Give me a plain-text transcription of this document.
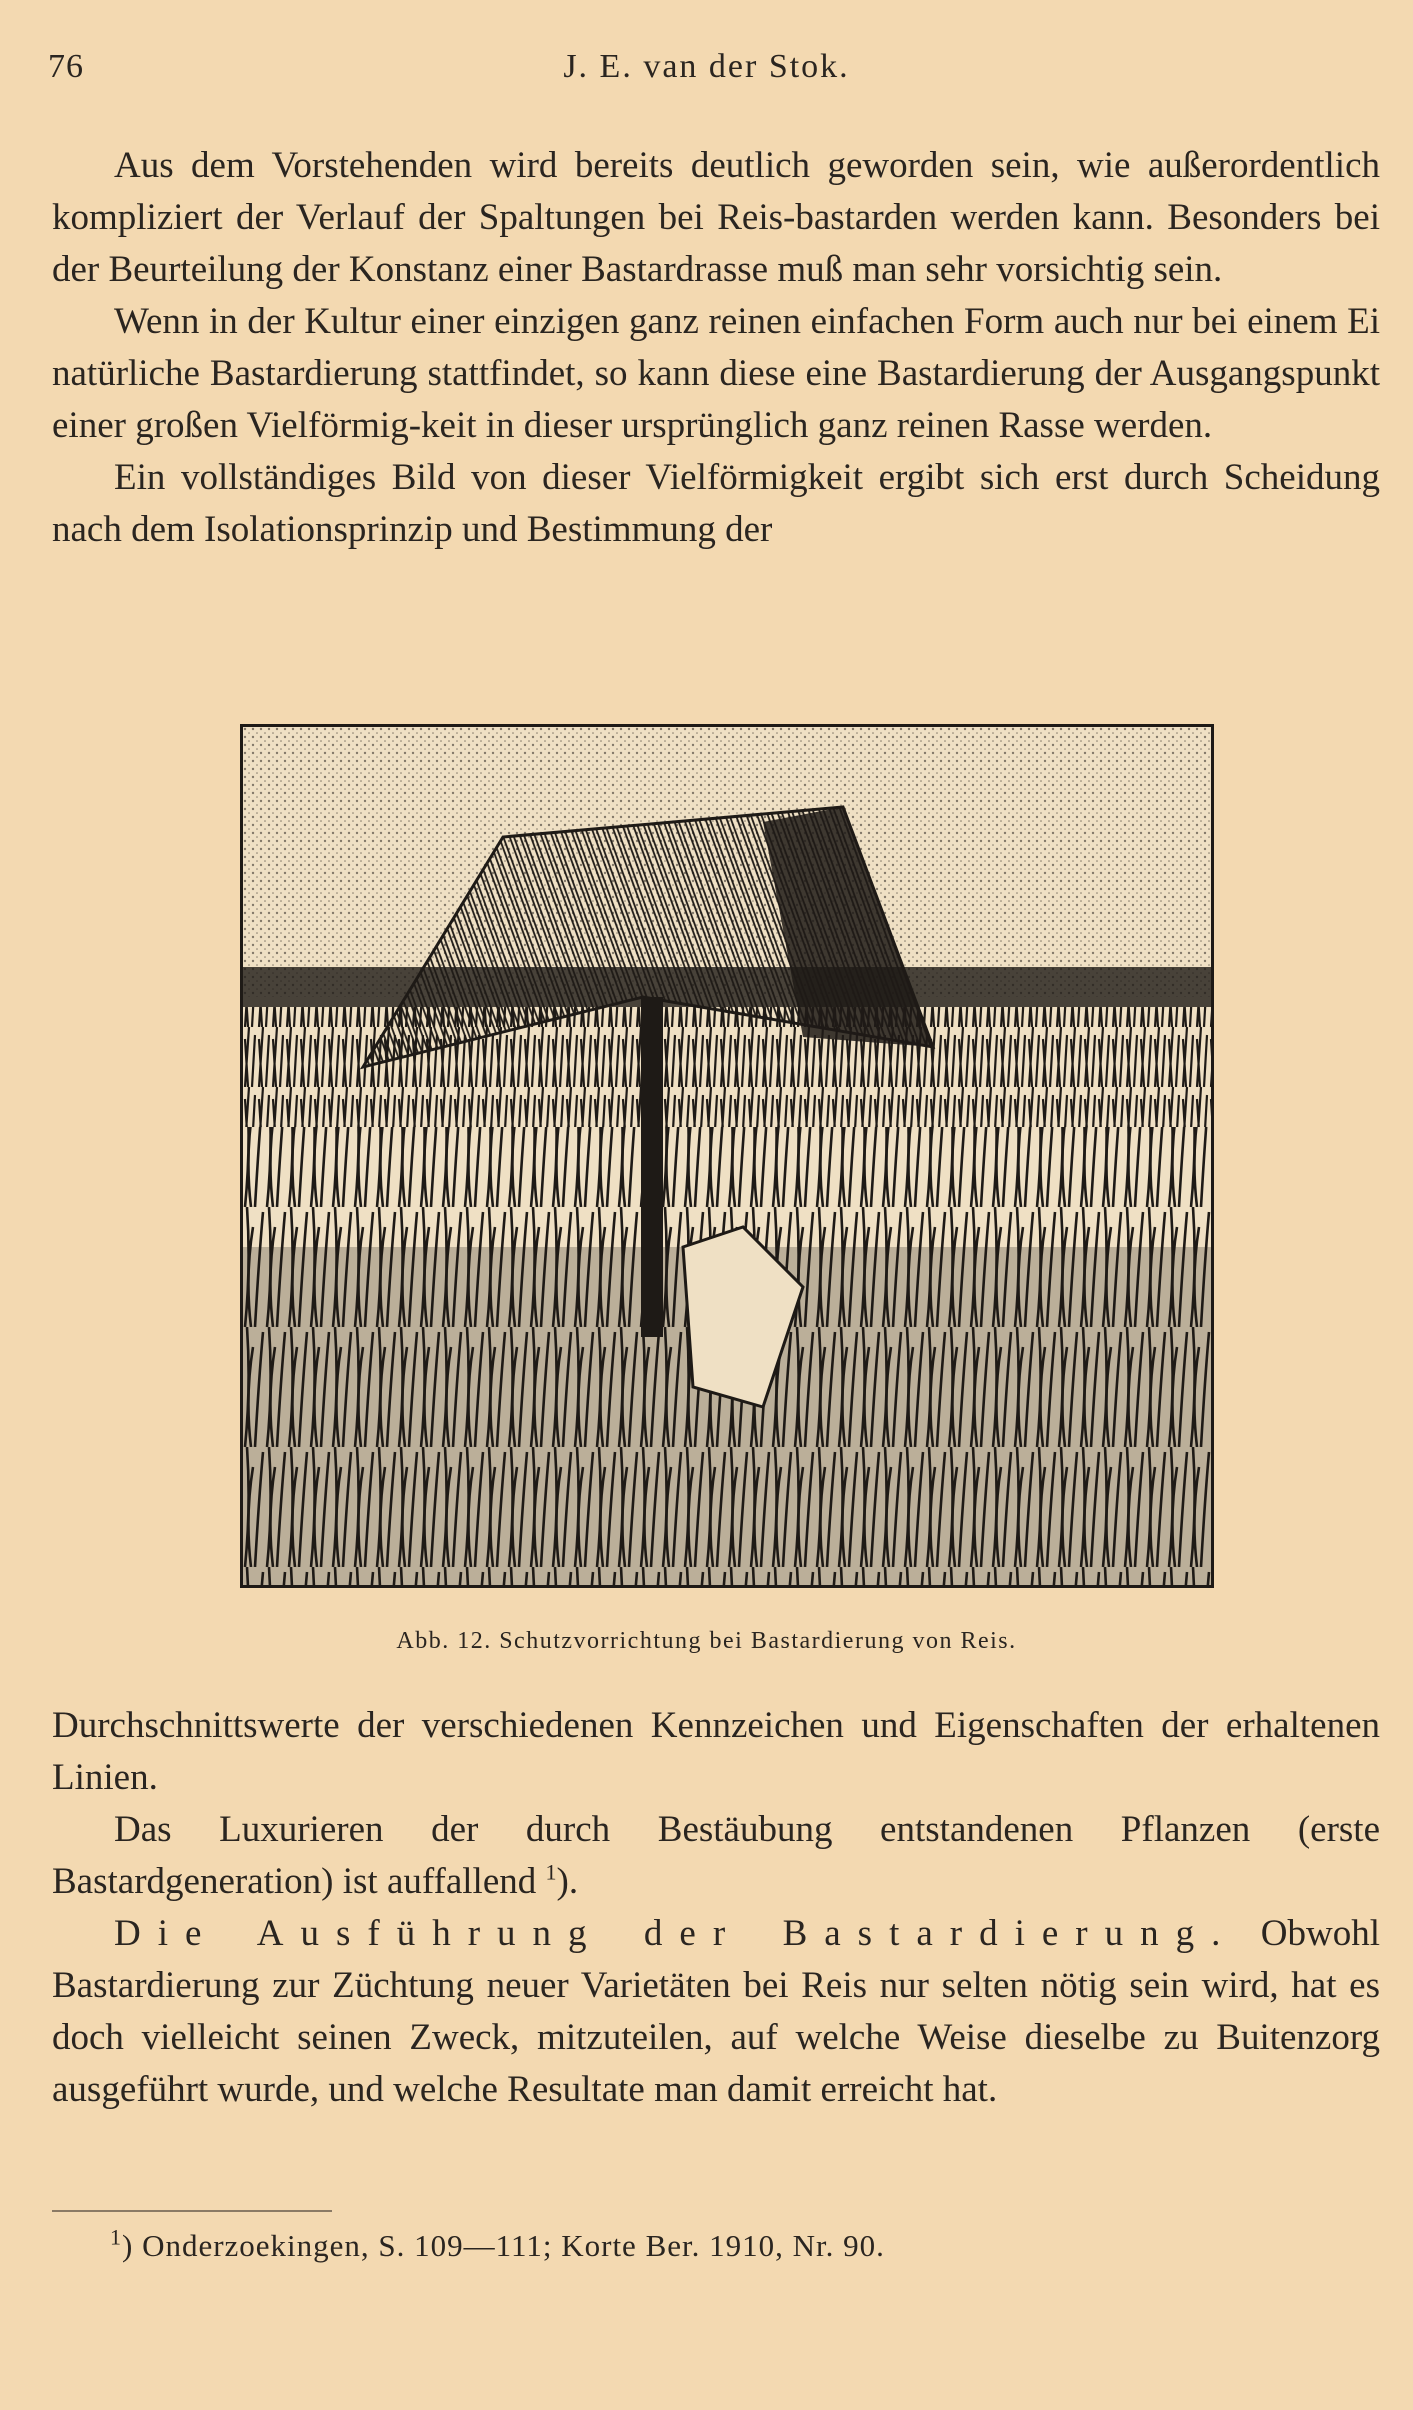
76	J. E. van der Stok.

Aus dem Vorstehenden wird bereits deutlich geworden sein, wie außerordentlich kompliziert der Verlauf der Spaltungen bei Reis-bastarden werden kann. Besonders bei der Beurteilung der Konstanz einer Bastardrasse muß man sehr vorsichtig sein.

Wenn in der Kultur einer einzigen ganz reinen einfachen Form auch nur bei einem Ei natürliche Bastardierung stattfindet, so kann diese eine Bastardierung der Ausgangspunkt einer großen Vielförmig-keit in dieser ursprünglich ganz reinen Rasse werden.

Ein vollständiges Bild von dieser Vielförmigkeit ergibt sich erst durch Scheidung nach dem Isolationsprinzip und Bestimmung der

Abb. 12. Schutzvorrichtung bei Bastardierung von Reis.

Durchschnittswerte der verschiedenen Kennzeichen und Eigenschaften der erhaltenen Linien.

Das Luxurieren der durch Bestäubung entstandenen Pflanzen (erste Bastardgeneration) ist auffallend $^1$).

Die Ausführung der Bastardierung. Obwohl Bastardierung zur Züchtung neuer Varietäten bei Reis nur selten nötig sein wird, hat es doch vielleicht seinen Zweck, mitzuteilen, auf welche Weise dieselbe zu Buitenzorg ausgeführt wurde, und welche Resultate man damit erreicht hat.

$^1$) Onderzoekingen, S. 109—111; Korte Ber. 1910, Nr. 90.
